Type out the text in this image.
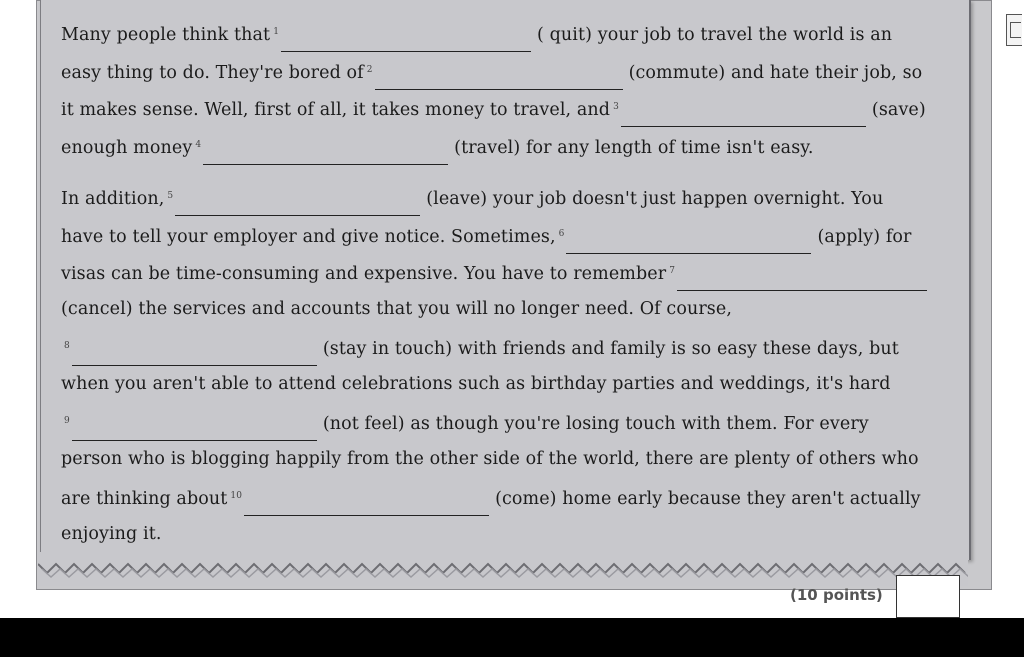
Many people think that $^1$	( quit) your job to travel the world is an
easy thing to do. They're bored of $^2$	(commute) and hate their job, so
it makes sense. Well, first of all, it takes money to travel, and $^3$	(save)
enough money $^4$	(travel) for any length of time isn't easy.
In addition, $^5$	(leave) your job doesn't just happen overnight. You
have to tell your employer and give notice. Sometimes, $^6$	(apply) for
visas can be time-consuming and expensive. You have to remember $^7$
(cancel) the services and accounts that you will no longer need. Of course,
$^8$	(stay in touch) with friends and family is so easy these days, but
when you aren't able to attend celebrations such as birthday parties and weddings, it's hard
$^9$	(not feel) as though you're losing touch with them. For every
person who is blogging happily from the other side of the world, there are plenty of others who
are thinking about $^{10}$	(come) home early because they aren't actually
enjoying it.
(10 points)
